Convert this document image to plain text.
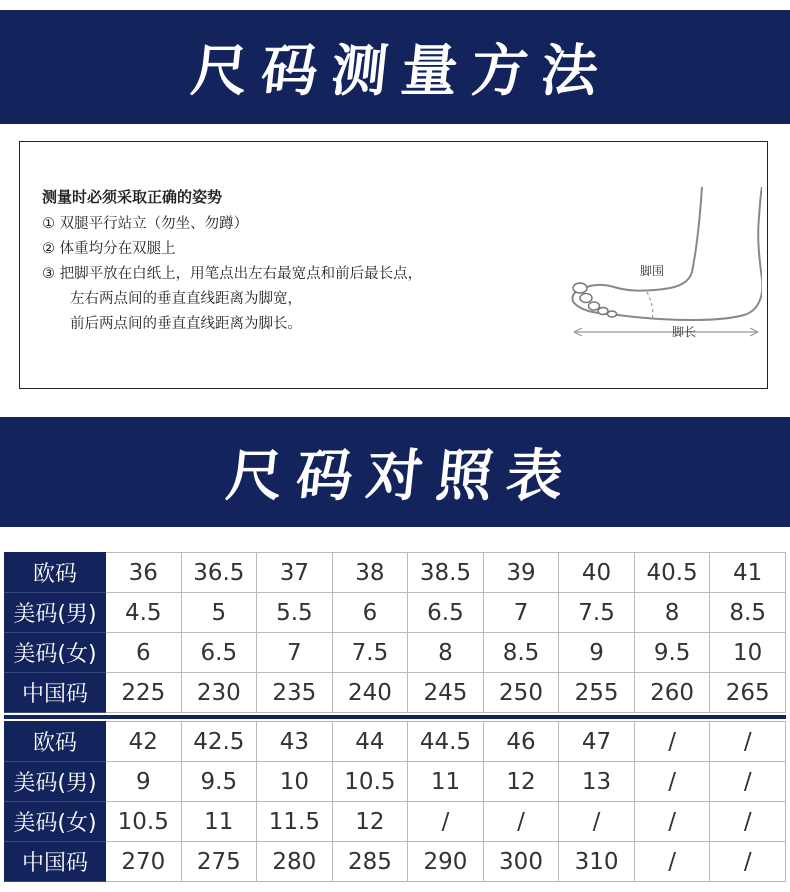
尺码测量方法
测量时必须采取正确的姿势
① 双腿平行站立（勿坐、勿蹲）
② 体重均分在双腿上
③ 把脚平放在白纸上，用笔点出左右最宽点和前后最长点，
左右两点间的垂直直线距离为脚宽，
前后两点间的垂直直线距离为脚长。
脚围
脚长
尺码对照表
欧码	36	36.5	37	38	38.5	39	40	40.5	41
美码(男)	4.5	5	5.5	6	6.5	7	7.5	8	8.5
美码(女)	6	6.5	7	7.5	8	8.5	9	9.5	10
中国码	225	230	235	240	245	250	255	260	265
欧码	42	42.5	43	44	44.5	46	47	/	/
美码(男)	9	9.5	10	10.5	11	12	13	/	/
美码(女)	10.5	11	11.5	12	/	/	/	/	/
中国码	270	275	280	285	290	300	310	/	/
